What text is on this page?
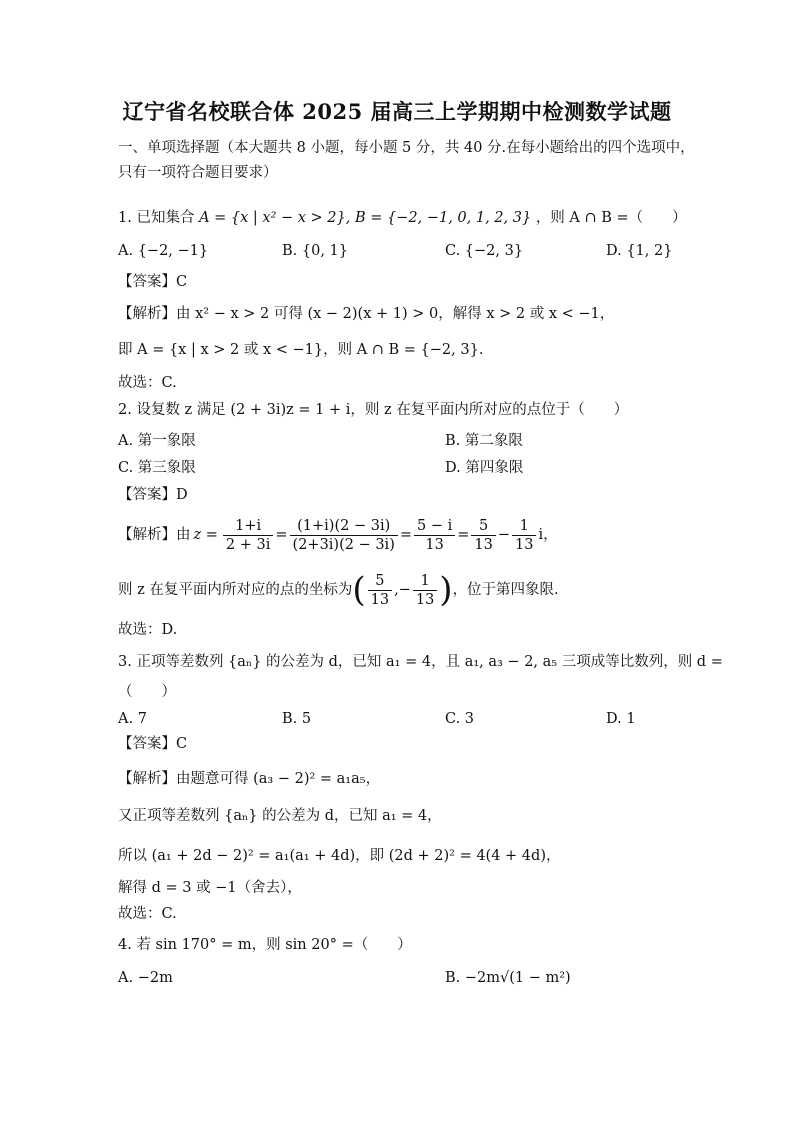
辽宁省名校联合体 2025 届高三上学期期中检测数学试题
一、单项选择题（本大题共 8 小题，每小题 5 分，共 40 分.在每小题给出的四个选项中，
只有一项符合题目要求）
1. 已知集合 A = {x | x² − x > 2}, B = {−2, −1, 0, 1, 2, 3} ，则 A ∩ B =（　　）
A. {−2, −1}	B. {0, 1}	C. {−2, 3}	D. {1, 2}
【答案】C
【解析】由 x² − x > 2 可得 (x − 2)(x + 1) > 0，解得 x > 2 或 x < −1，
即 A = {x | x > 2 或 x < −1}，则 A ∩ B = {−2, 3}.
故选：C.
2. 设复数 z 满足 (2 + 3i)z = 1 + i，则 z 在复平面内所对应的点位于（　　）
A. 第一象限	B. 第二象限
C. 第三象限	D. 第四象限
【答案】D
【解析】由 $z = \frac{1+i}{2 + 3i} = \frac{(1+i)(2 - 3i)}{(2+3i)(2 - 3i)} = \frac{5 - i}{13} = \frac{5}{13} - \frac{1}{13}$ i，
则 z 在复平面内所对应的点的坐标为 ( $\frac{5}{13}$ ,− $\frac{1}{13}$ ) ，位于第四象限.
故选：D.
3. 正项等差数列 {aₙ} 的公差为 d，已知 a₁ = 4，且 a₁, a₃ − 2, a₅ 三项成等比数列，则 d =
（　　）
A. 7	B. 5	C. 3	D. 1
【答案】C
【解析】由题意可得 (a₃ − 2)² = a₁a₅，
又正项等差数列 {aₙ} 的公差为 d，已知 a₁ = 4，
所以 (a₁ + 2d − 2)² = a₁(a₁ + 4d)，即 (2d + 2)² = 4(4 + 4d)，
解得 d = 3 或 −1（舍去），
故选：C.
4. 若 sin 170° = m，则 sin 20° =（　　）
A. −2m	B. −2m√(1 − m²)
